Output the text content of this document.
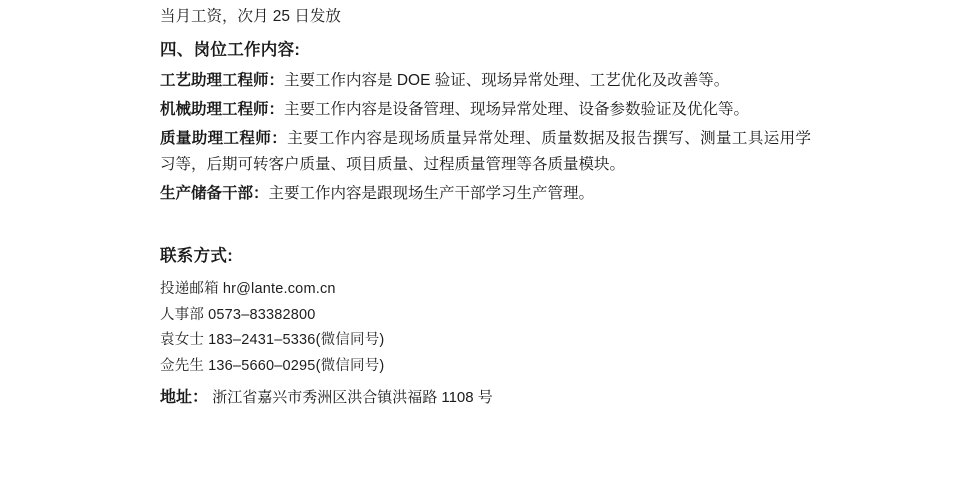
当月工资，次月 25 日发放
四、岗位工作内容:
工艺助理工程师：主要工作内容是 DOE 验证、现场异常处理、工艺优化及改善等。
机械助理工程师：主要工作内容是设备管理、现场异常处理、设备参数验证及优化等。
质量助理工程师：主要工作内容是现场质量异常处理、质量数据及报告撰写、测量工具运用学习等，后期可转客户质量、项目质量、过程质量管理等各质量模块。
生产储备干部：主要工作内容是跟现场生产干部学习生产管理。
联系方式:
投递邮箱 hr@lante.com.cn
人事部 0573–83382800
袁女士 183–2431–5336(微信同号)
佥先生 136–5660–0295(微信同号)
地址： 浙江省嘉兴市秀洲区洪合镇洪福路 1108 号
